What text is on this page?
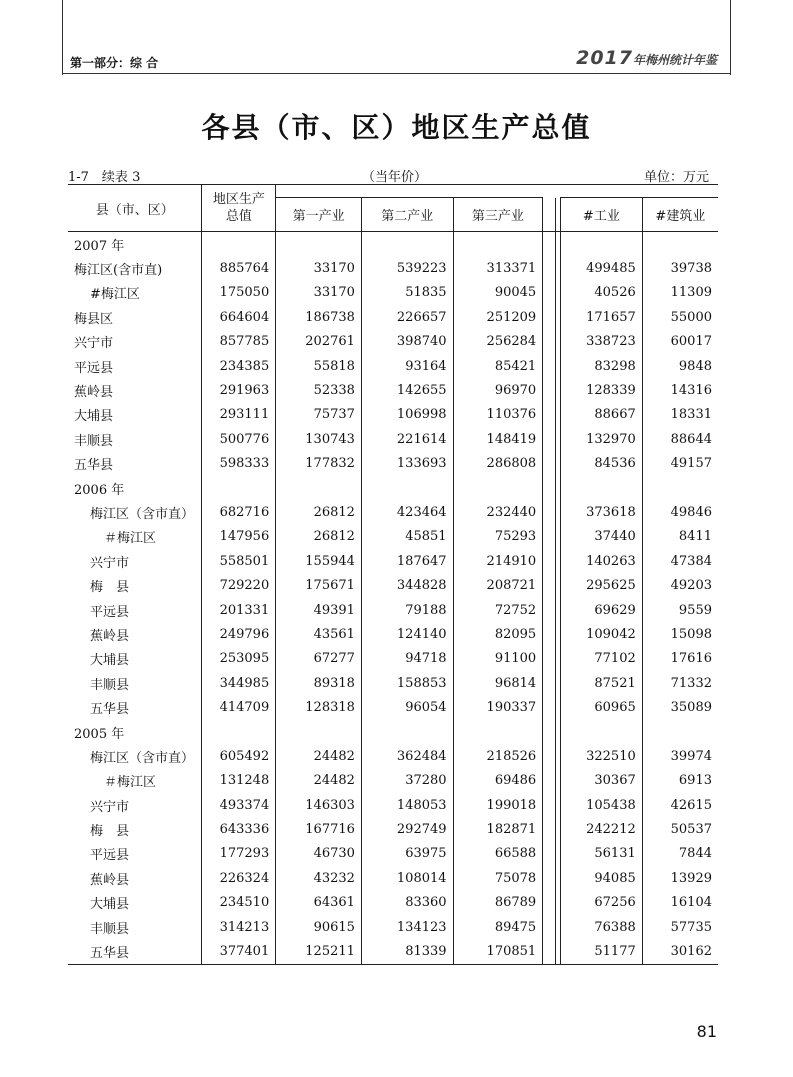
第一部分：综 合	2017年梅州统计年鉴
各县（市、区）地区生产总值
1-7　续表 3	（当年价）	单位：万元
县（市、区）	地区生产总值							
		第一产业	第二产业	第三产业			#工业	#建筑业
2007 年								
梅江区(含市直)	885764	33170	539223	313371			499485	39738
#梅江区	175050	33170	51835	90045			40526	11309
梅县区	664604	186738	226657	251209			171657	55000
兴宁市	857785	202761	398740	256284			338723	60017
平远县	234385	55818	93164	85421			83298	9848
蕉岭县	291963	52338	142655	96970			128339	14316
大埔县	293111	75737	106998	110376			88667	18331
丰顺县	500776	130743	221614	148419			132970	88644
五华县	598333	177832	133693	286808			84536	49157
2006 年								
梅江区（含市直）	682716	26812	423464	232440			373618	49846
＃梅江区	147956	26812	45851	75293			37440	8411
兴宁市	558501	155944	187647	214910			140263	47384
梅　县	729220	175671	344828	208721			295625	49203
平远县	201331	49391	79188	72752			69629	9559
蕉岭县	249796	43561	124140	82095			109042	15098
大埔县	253095	67277	94718	91100			77102	17616
丰顺县	344985	89318	158853	96814			87521	71332
五华县	414709	128318	96054	190337			60965	35089
2005 年								
梅江区（含市直）	605492	24482	362484	218526			322510	39974
＃梅江区	131248	24482	37280	69486			30367	6913
兴宁市	493374	146303	148053	199018			105438	42615
梅　县	643336	167716	292749	182871			242212	50537
平远县	177293	46730	63975	66588			56131	7844
蕉岭县	226324	43232	108014	75078			94085	13929
大埔县	234510	64361	83360	86789			67256	16104
丰顺县	314213	90615	134123	89475			76388	57735
五华县	377401	125211	81339	170851			51177	30162
81
